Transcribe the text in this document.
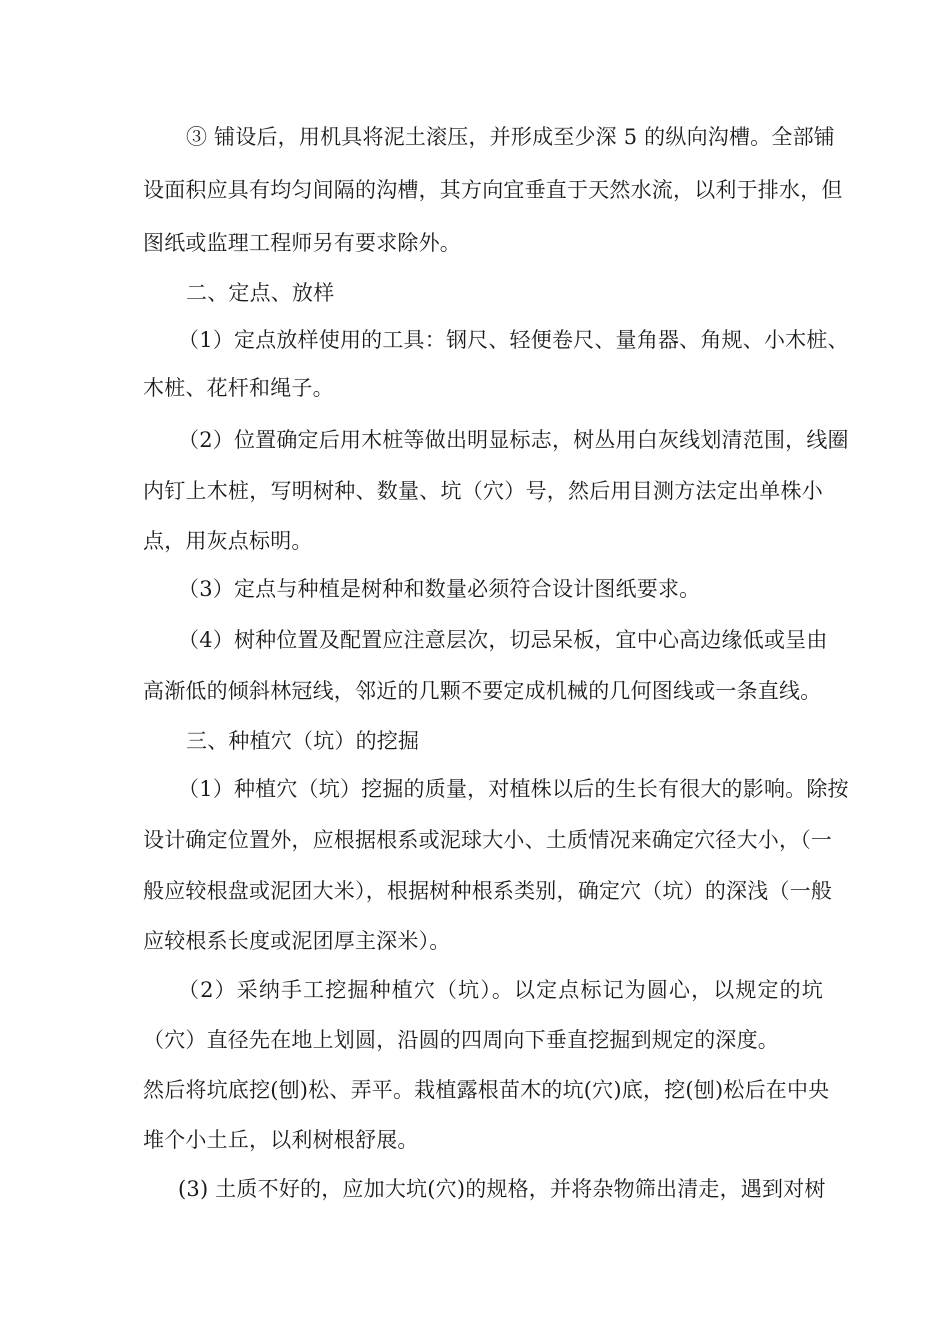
③ 铺设后，用机具将泥土滚压，并形成至少深 5 的纵向沟槽。全部铺
设面积应具有均匀间隔的沟槽，其方向宜垂直于天然水流，以利于排水，但
图纸或监理工程师另有要求除外。
二、定点、放样
（1）定点放样使用的工具：钢尺、轻便卷尺、量角器、角规、小木桩、
木桩、花杆和绳子。
（2）位置确定后用木桩等做出明显标志，树丛用白灰线划清范围，线圈
内钉上木桩，写明树种、数量、坑（穴）号，然后用目测方法定出单株小
点，用灰点标明。
（3）定点与种植是树种和数量必须符合设计图纸要求。
（4）树种位置及配置应注意层次，切忌呆板，宜中心高边缘低或呈由
高渐低的倾斜林冠线，邻近的几颗不要定成机械的几何图线或一条直线。
三、种植穴（坑）的挖掘
（1）种植穴（坑）挖掘的质量，对植株以后的生长有很大的影响。除按
设计确定位置外，应根据根系或泥球大小、土质情况来确定穴径大小，（一
般应较根盘或泥团大米），根据树种根系类别，确定穴（坑）的深浅（一般
应较根系长度或泥团厚主深米）。
（2）采纳手工挖掘种植穴（坑）。以定点标记为圆心，以规定的坑
（穴）直径先在地上划圆，沿圆的四周向下垂直挖掘到规定的深度。
然后将坑底挖(刨)松、弄平。栽植露根苗木的坑(穴)底，挖(刨)松后在中央
堆个小土丘，以利树根舒展。
(3) 土质不好的，应加大坑(穴)的规格，并将杂物筛出清走，遇到对树
